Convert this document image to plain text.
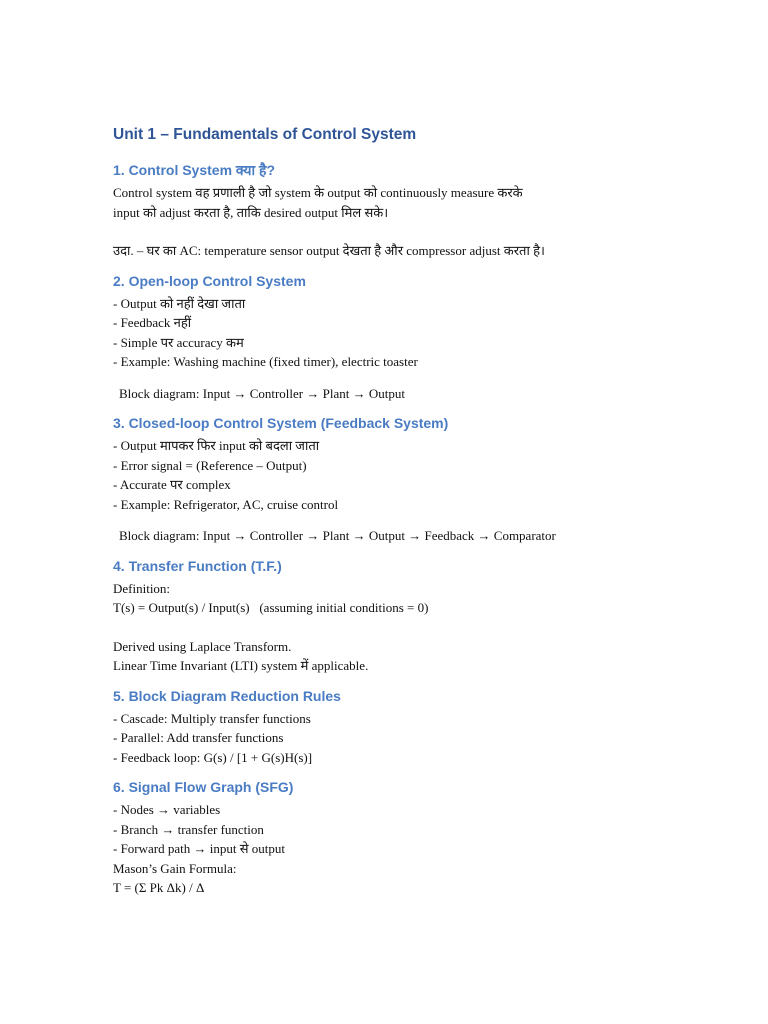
Unit 1 – Fundamentals of Control System
1. Control System क्या है?
Control system वह प्रणाली है जो system के output को continuously measure करके
input को adjust करता है, ताकि desired output मिल सके।
उदा. – घर का AC: temperature sensor output देखता है और compressor adjust करता है।
2. Open-loop Control System
- Output को नहीं देखा जाता
- Feedback नहीं
- Simple पर accuracy कम
- Example: Washing machine (fixed timer), electric toaster
Block diagram: Input → Controller → Plant → Output
3. Closed-loop Control System (Feedback System)
- Output मापकर फिर input को बदला जाता
- Error signal = (Reference – Output)
- Accurate पर complex
- Example: Refrigerator, AC, cruise control
Block diagram: Input → Controller → Plant → Output → Feedback → Comparator
4. Transfer Function (T.F.)
Definition:
T(s) = Output(s) / Input(s)   (assuming initial conditions = 0)
Derived using Laplace Transform.
Linear Time Invariant (LTI) system में applicable.
5. Block Diagram Reduction Rules
- Cascade: Multiply transfer functions
- Parallel: Add transfer functions
- Feedback loop: G(s) / [1 + G(s)H(s)]
6. Signal Flow Graph (SFG)
- Nodes → variables
- Branch → transfer function
- Forward path → input से output
Mason’s Gain Formula:
T = (Σ Pk Δk) / Δ
